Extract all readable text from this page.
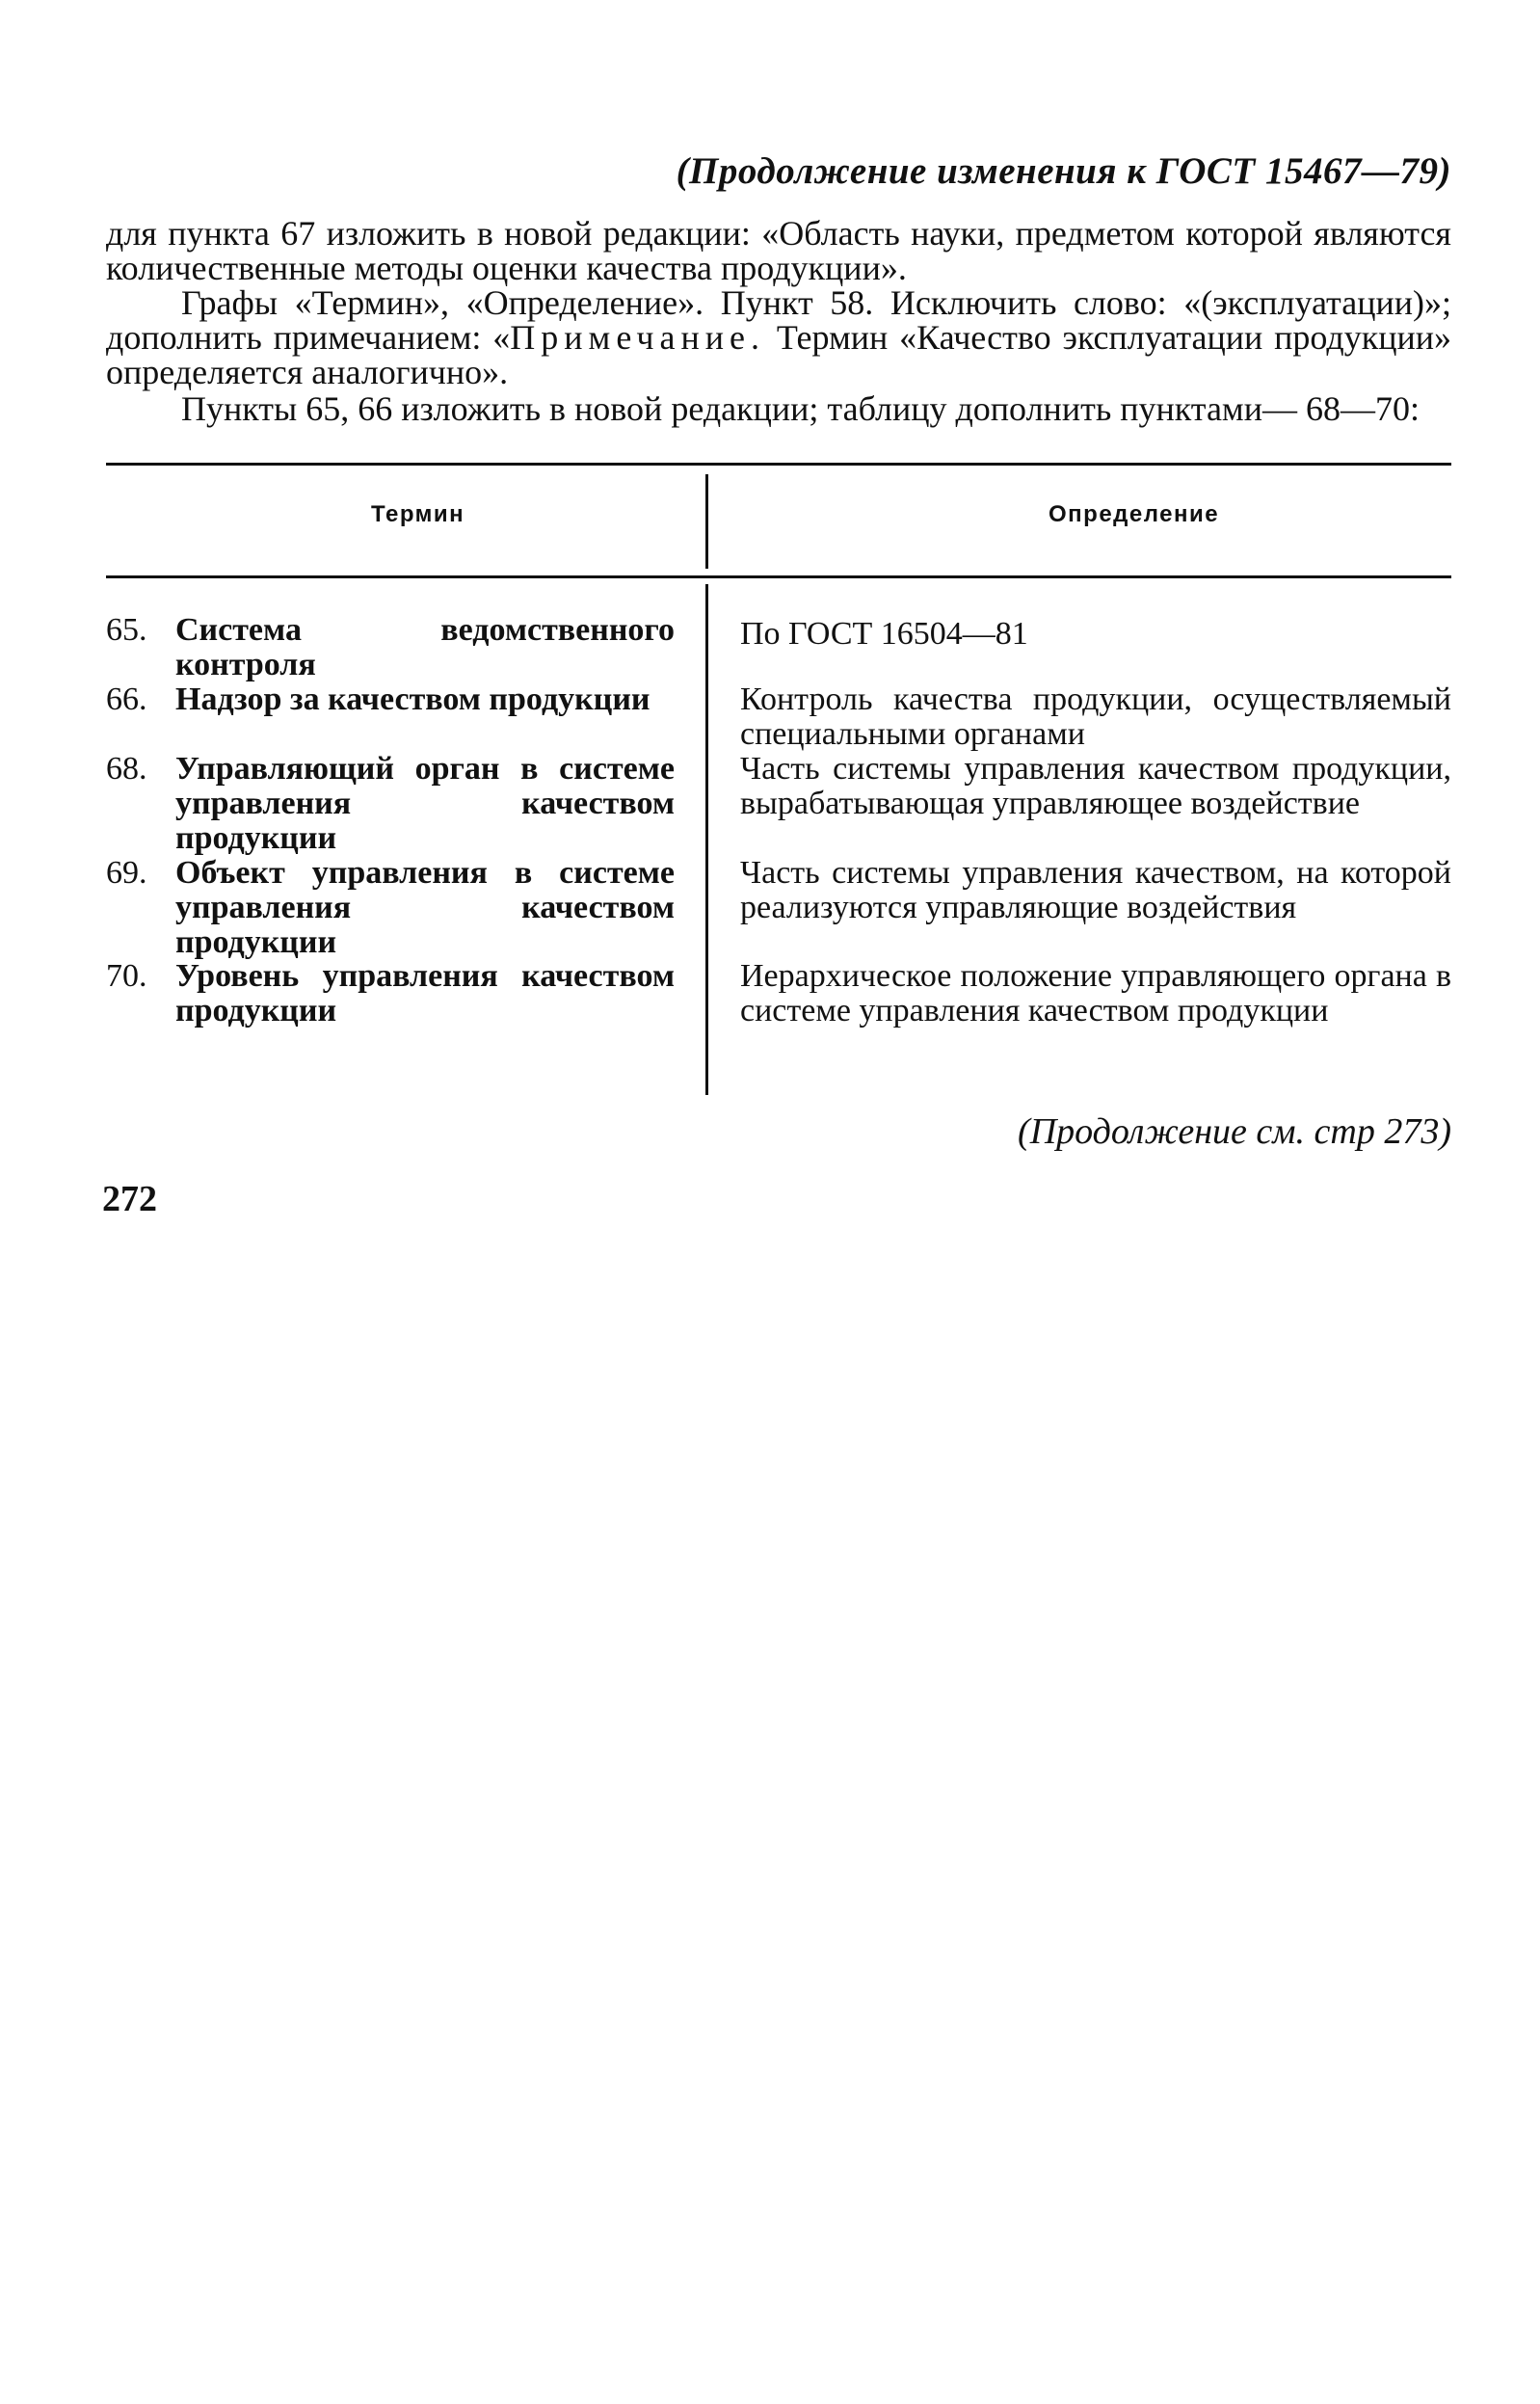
(Продолжение изменения к ГОСТ 15467—79)
для пункта 67 изложить в новой редакции: «Область науки, предметом которой являются количественные методы оценки качества продукции».
Графы «Термин», «Определение». Пункт 58. Исключить слово: «(эксплуатации)»; дополнить примечанием: «Примечание. Термин «Качество эксплуатации продукции» определяется аналогично».
Пункты 65, 66 изложить в новой редакции; таблицу дополнить пунктами— 68—70:
Термин	Определение
65. Система ведомственного контроля
По ГОСТ 16504—81
66. Надзор за качеством продукции	Контроль качества продукции, осуществляемый специальными органами
68. Управляющий орган в системе управления качеством продукции
Часть системы управления качеством продукции, вырабатывающая управляющее воздействие
69. Объект управления в системе управления качеством продукции
Часть системы управления качеством, на которой реализуются управляющие воздействия
70. Уровень управления качеством продукции
Иерархическое положение управляющего органа в системе управления качеством продукции
(Продолжение см. стр 273)
272
